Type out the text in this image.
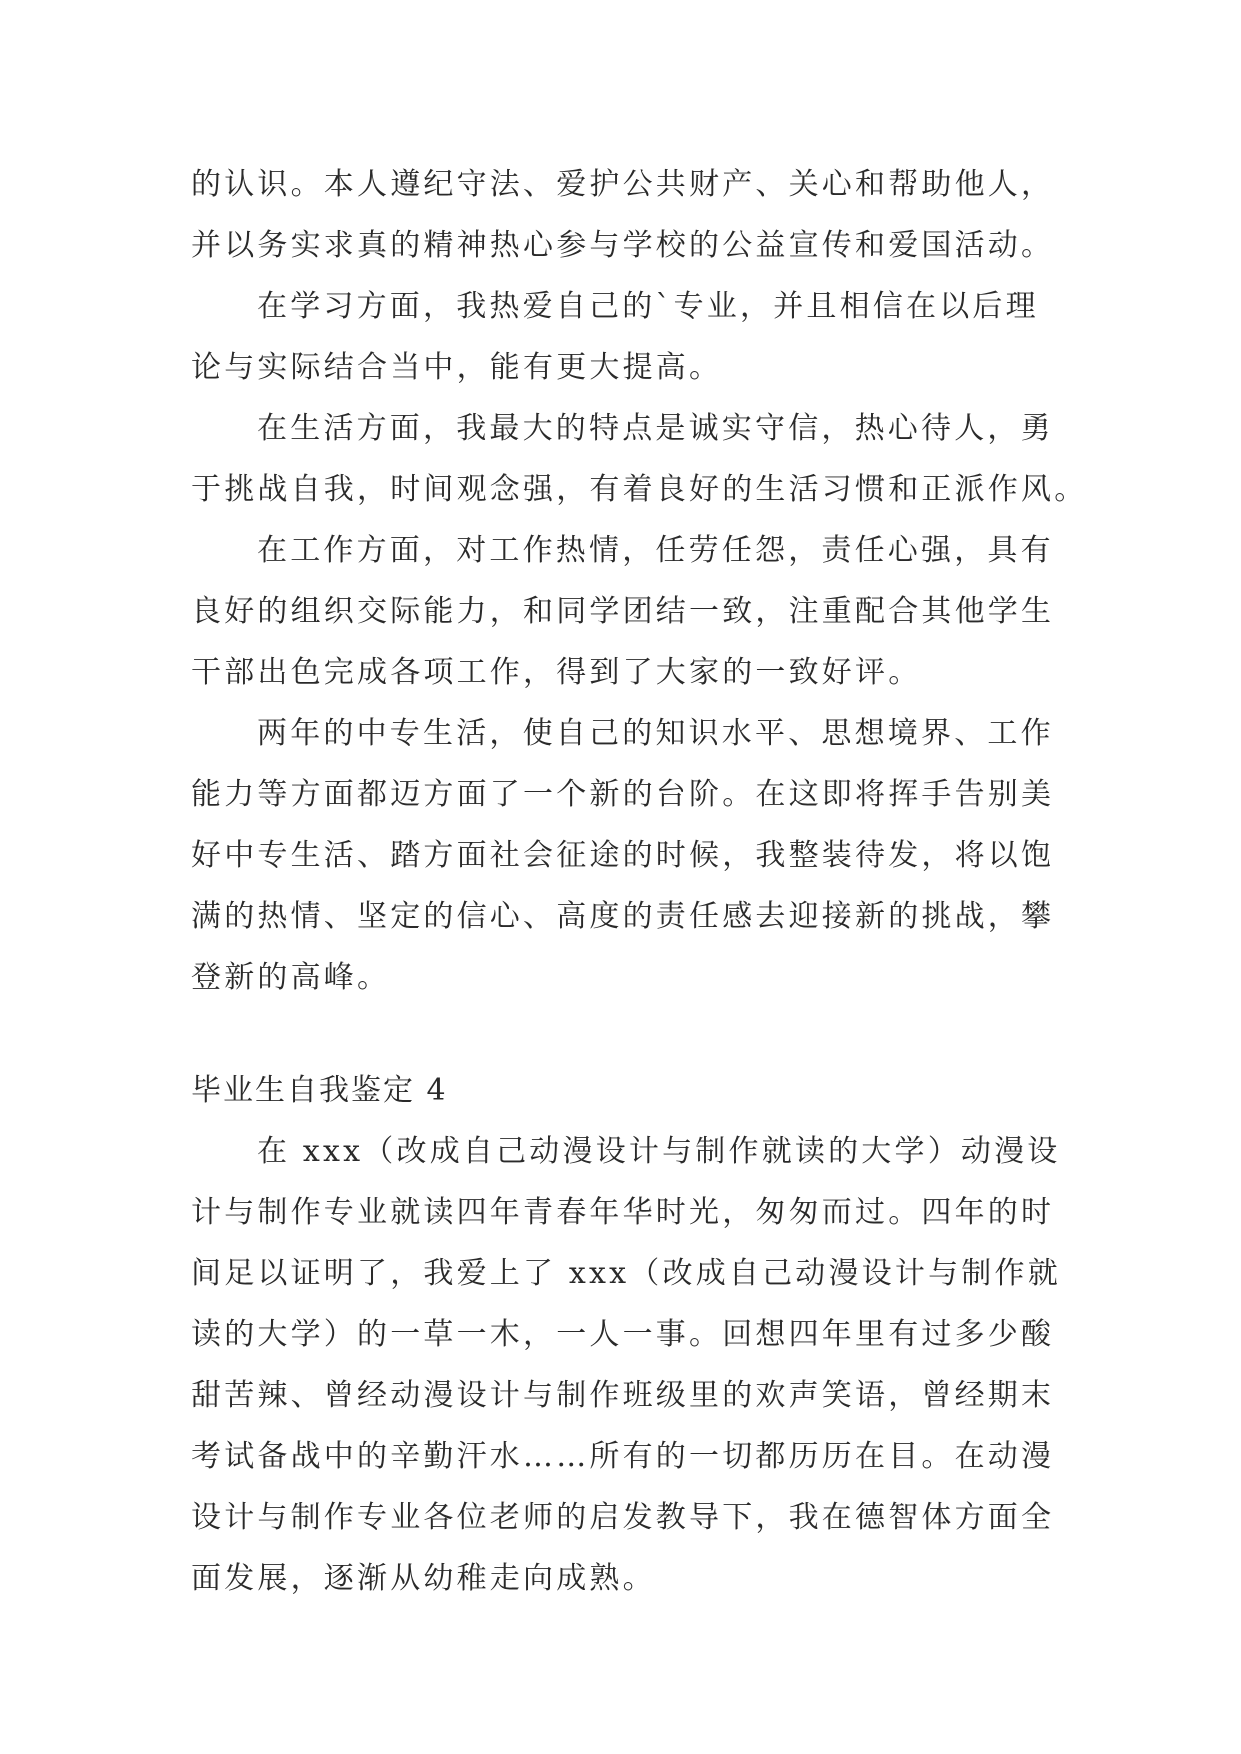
的认识。本人遵纪守法、爱护公共财产、关心和帮助他人，
并以务实求真的精神热心参与学校的公益宣传和爱国活动。
在学习方面，我热爱自己的`专业，并且相信在以后理
论与实际结合当中，能有更大提高。
在生活方面，我最大的特点是诚实守信，热心待人，勇
于挑战自我，时间观念强，有着良好的生活习惯和正派作风。
在工作方面，对工作热情，任劳任怨，责任心强，具有
良好的组织交际能力，和同学团结一致，注重配合其他学生
干部出色完成各项工作，得到了大家的一致好评。
两年的中专生活，使自己的知识水平、思想境界、工作
能力等方面都迈方面了一个新的台阶。在这即将挥手告别美
好中专生活、踏方面社会征途的时候，我整装待发，将以饱
满的热情、坚定的信心、高度的责任感去迎接新的挑战，攀
登新的高峰。
毕业生自我鉴定 4
在 xxx（改成自己动漫设计与制作就读的大学）动漫设
计与制作专业就读四年青春年华时光，匆匆而过。四年的时
间足以证明了，我爱上了 xxx（改成自己动漫设计与制作就
读的大学）的一草一木，一人一事。回想四年里有过多少酸
甜苦辣、曾经动漫设计与制作班级里的欢声笑语，曾经期末
考试备战中的辛勤汗水……所有的一切都历历在目。在动漫
设计与制作专业各位老师的启发教导下，我在德智体方面全
面发展，逐渐从幼稚走向成熟。
